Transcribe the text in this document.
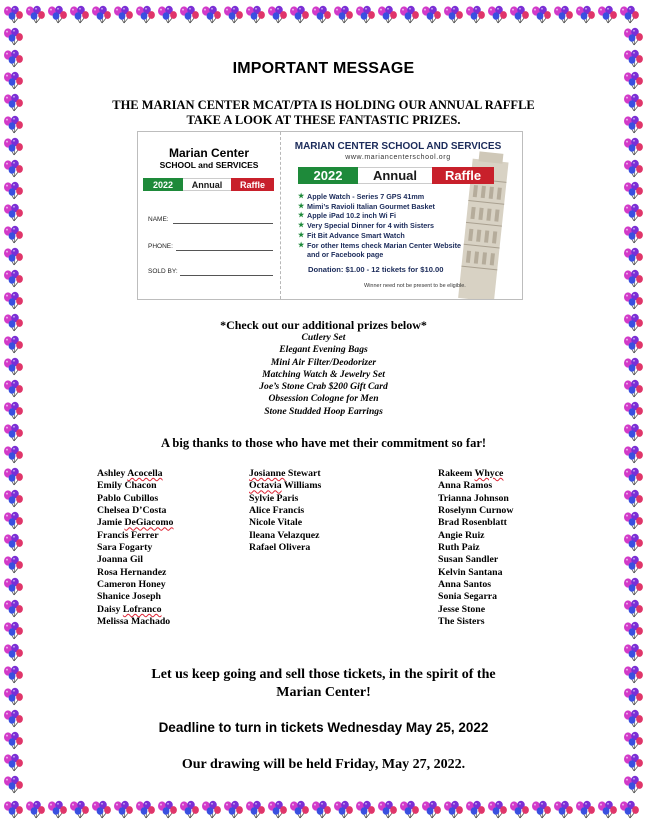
IMPORTANT MESSAGE
THE MARIAN CENTER MCAT/PTA IS HOLDING OUR ANNUAL RAFFLE
TAKE A LOOK AT THESE FANTASTIC PRIZES.
Marian Center
SCHOOL and SERVICES
2022	Annual	Raffle
NAME:
PHONE:
SOLD BY:
MARIAN CENTER SCHOOL AND SERVICES
www.mariancenterschool.org
2022	Annual	Raffle
★ Apple Watch - Series 7 GPS 41mm
★ Mimi’s Ravioli Italian Gourmet Basket
★ Apple iPad 10.2 inch Wi Fi
★ Very Special Dinner for 4 with Sisters
★ Fit Bit Advance Smart Watch
★ For other Items check Marian Center Website
and or Facebook page
Donation: $1.00 - 12 tickets for $10.00
Winner need not be present to be eligible.
*Check out our additional prizes below*
Cutlery Set
Elegant Evening Bags
Mini Air Filter/Deodorizer
Matching Watch & Jewelry Set
Joe’s Stone Crab $200 Gift Card
Obsession Cologne for Men
Stone Studded Hoop Earrings
A big thanks to those who have met their commitment so far!
Ashley Acocella
Emily Chacon
Pablo Cubillos
Chelsea D’Costa
Jamie DeGiacomo
Francis Ferrer
Sara Fogarty
Joanna Gil
Rosa Hernandez
Cameron Honey
Shanice Joseph
Daisy Lofranco
Melissa Machado
Josianne Stewart
Octavia Williams
Sylvie Paris
Alice Francis
Nicole Vitale
Ileana Velazquez
Rafael Olivera
Rakeem Whyce
Anna Ramos
Trianna Johnson
Roselynn Curnow
Brad Rosenblatt
Angie Ruiz
Ruth Paiz
Susan Sandler
Kelvin Santana
Anna Santos
Sonia Segarra
Jesse Stone
The Sisters
Let us keep going and sell those tickets, in the spirit of the
Marian Center!
Deadline to turn in tickets Wednesday May 25, 2022
Our drawing will be held Friday, May 27, 2022.
